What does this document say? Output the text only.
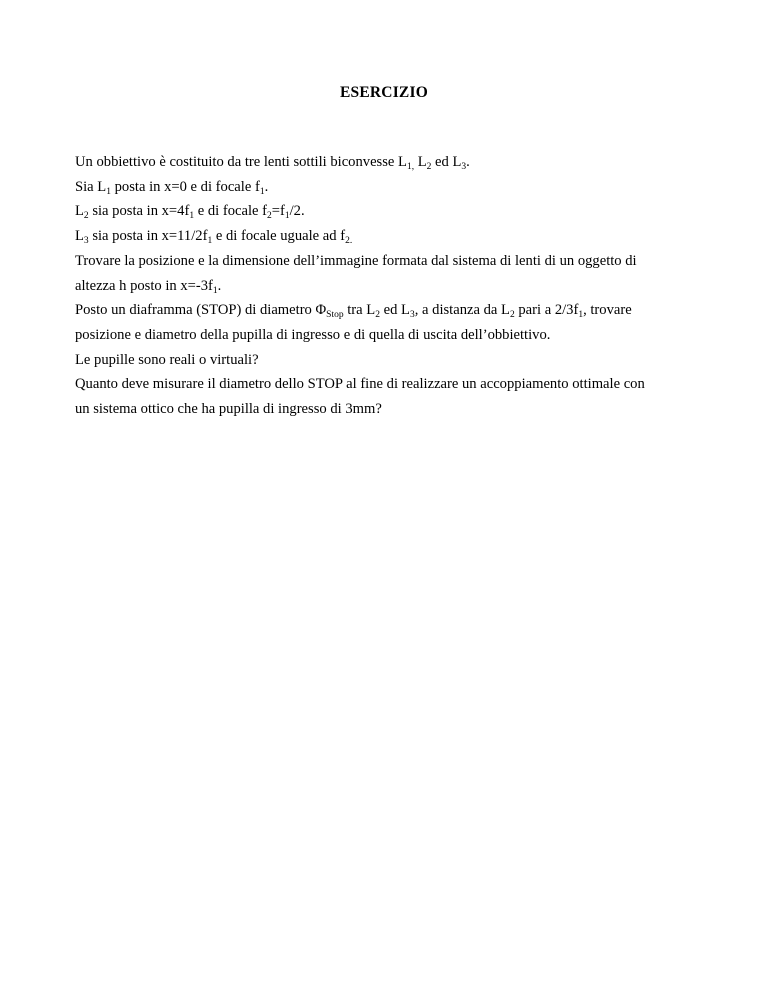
ESERCIZIO

Un obbiettivo è costituito da tre lenti sottili biconvesse $L_{1,}$ $L_2$ ed $L_3$.

Sia $L_1$ posta in x=0 e di focale $f_1$.

$L_2$ sia posta in $x=4f_1$ e di focale $f_2=f_1/2$.

$L_3$ sia posta in $x=11/2f_1$ e di focale uguale ad $f_{2.}$

Trovare la posizione e la dimensione dell’immagine formata dal sistema di lenti di un oggetto di

altezza h posto in $x=-3f_1$.

Posto un diaframma (STOP) di diametro $\Phi_{Stop}$ tra $L_2$ ed $L_3$, a distanza da $L_2$ pari a $2/3f_1$, trovare

posizione e diametro della pupilla di ingresso e di quella di uscita dell’obbiettivo.

Le pupille sono reali o virtuali?

Quanto deve misurare il diametro dello STOP al fine di realizzare un accoppiamento ottimale con

un sistema ottico che ha pupilla di ingresso di 3mm?
